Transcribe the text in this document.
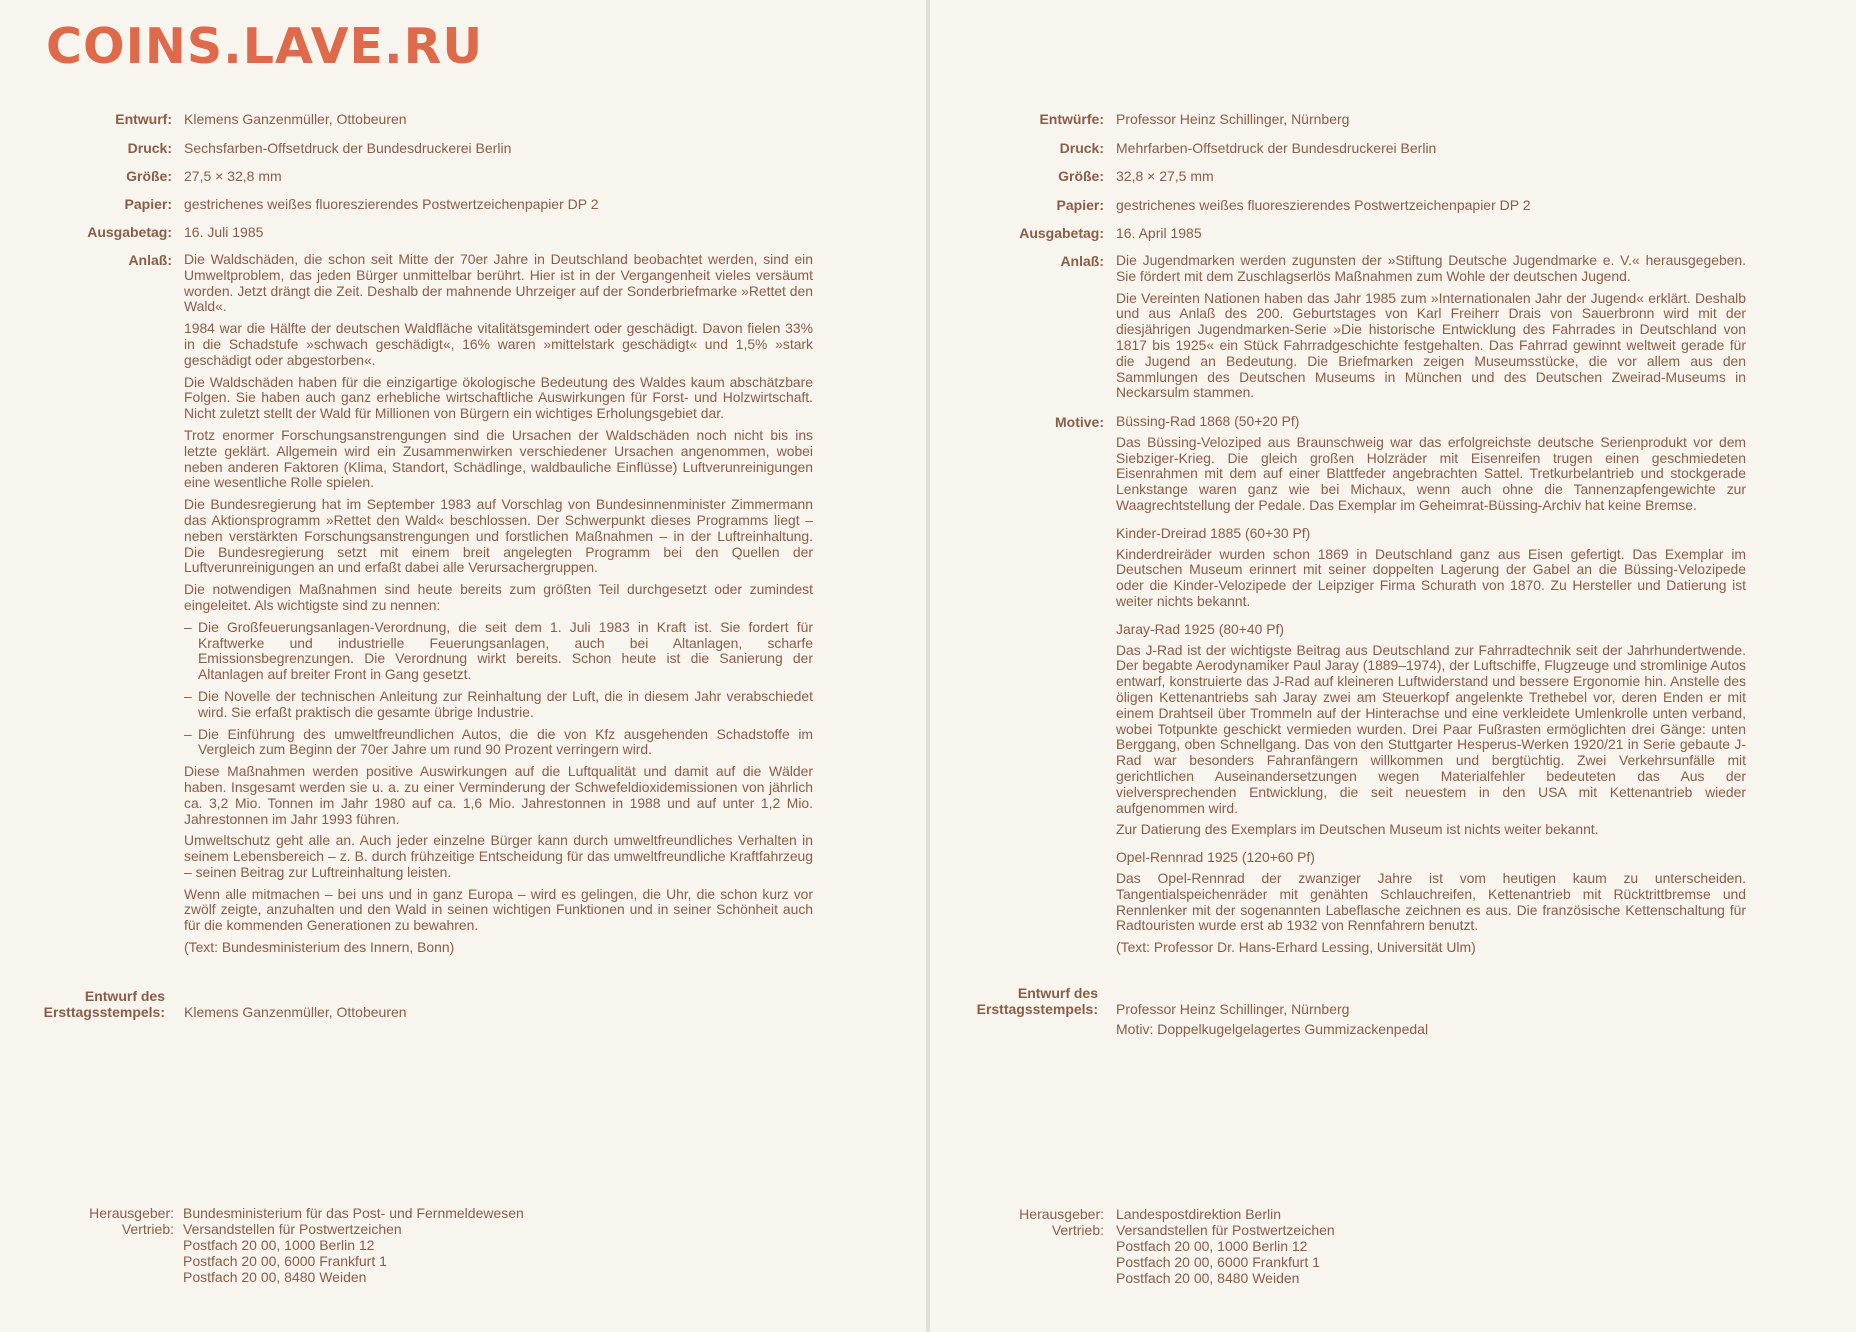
COINS.LAVE.RU
Entwurf: Klemens Ganzenmüller, Ottobeuren
Druck: Sechsfarben-Offsetdruck der Bundesdruckerei Berlin
Größe: 27,5 × 32,8 mm
Papier: gestrichenes weißes fluoreszierendes Postwertzeichenpapier DP 2
Ausgabetag: 16. Juli 1985
Anlaß: Die Waldschäden, die schon seit Mitte der 70er Jahre in Deutschland beobachtet werden, sind ein Umweltproblem, das jeden Bürger unmittelbar berührt. Hier ist in der Vergangenheit vieles versäumt worden. Jetzt drängt die Zeit. Deshalb der mahnende Uhrzeiger auf der Sonderbriefmarke »Rettet den Wald«.

1984 war die Hälfte der deutschen Waldfläche vitalitätsgemindert oder geschädigt. Davon fielen 33% in die Schadstufe »schwach geschädigt«, 16% waren »mittelstark geschädigt« und 1,5% »stark geschädigt oder abgestorben«.

Die Waldschäden haben für die einzigartige ökologische Bedeutung des Waldes kaum abschätzbare Folgen. Sie haben auch ganz erhebliche wirtschaftliche Auswirkungen für Forst- und Holzwirtschaft. Nicht zuletzt stellt der Wald für Millionen von Bürgern ein wichtiges Erholungsgebiet dar.

Trotz enormer Forschungsanstrengungen sind die Ursachen der Waldschäden noch nicht bis ins letzte geklärt. Allgemein wird ein Zusammenwirken verschiedener Ursachen angenommen, wobei neben anderen Faktoren (Klima, Standort, Schädlinge, waldbauliche Einflüsse) Luftverunreinigungen eine wesentliche Rolle spielen.

Die Bundesregierung hat im September 1983 auf Vorschlag von Bundesinnenminister Zimmermann das Aktionsprogramm »Rettet den Wald« beschlossen. Der Schwerpunkt dieses Programms liegt – neben verstärkten Forschungsanstrengungen und forstlichen Maßnahmen – in der Luftreinhaltung. Die Bundesregierung setzt mit einem breit angelegten Programm bei den Quellen der Luftverunreinigungen an und erfaßt dabei alle Verursachergruppen.

Die notwendigen Maßnahmen sind heute bereits zum größten Teil durchgesetzt oder zumindest eingeleitet. Als wichtigste sind zu nennen:

– Die Großfeuerungsanlagen-Verordnung, die seit dem 1. Juli 1983 in Kraft ist. Sie fordert für Kraftwerke und industrielle Feuerungsanlagen, auch bei Altanlagen, scharfe Emissionsbegrenzungen. Die Verordnung wirkt bereits. Schon heute ist die Sanierung der Altanlagen auf breiter Front in Gang gesetzt.
– Die Novelle der technischen Anleitung zur Reinhaltung der Luft, die in diesem Jahr verabschiedet wird. Sie erfaßt praktisch die gesamte übrige Industrie.
– Die Einführung des umweltfreundlichen Autos, die die von Kfz ausgehenden Schadstoffe im Vergleich zum Beginn der 70er Jahre um rund 90 Prozent verringern wird.

Diese Maßnahmen werden positive Auswirkungen auf die Luftqualität und damit auf die Wälder haben. Insgesamt werden sie u. a. zu einer Verminderung der Schwefeldioxidemissionen von jährlich ca. 3,2 Mio. Tonnen im Jahr 1980 auf ca. 1,6 Mio. Jahrestonnen in 1988 und auf unter 1,2 Mio. Jahrestonnen im Jahr 1993 führen.

Umweltschutz geht alle an. Auch jeder einzelne Bürger kann durch umweltfreundliches Verhalten in seinem Lebensbereich – z. B. durch frühzeitige Entscheidung für das umweltfreundliche Kraftfahrzeug – seinen Beitrag zur Luftreinhaltung leisten.

Wenn alle mitmachen – bei uns und in ganz Europa – wird es gelingen, die Uhr, die schon kurz vor zwölf zeigte, anzuhalten und den Wald in seinen wichtigen Funktionen und in seiner Schönheit auch für die kommenden Generationen zu bewahren.

(Text: Bundesministerium des Innern, Bonn)

Entwurf des
Ersttagsstempels: Klemens Ganzenmüller, Ottobeuren
Herausgeber: Bundesministerium für das Post- und Fernmeldewesen
Vertrieb: Versandstellen für Postwertzeichen
Postfach 20 00, 1000 Berlin 12
Postfach 20 00, 6000 Frankfurt 1
Postfach 20 00, 8480 Weiden
Entwürfe: Professor Heinz Schillinger, Nürnberg
Druck: Mehrfarben-Offsetdruck der Bundesdruckerei Berlin
Größe: 32,8 × 27,5 mm
Papier: gestrichenes weißes fluoreszierendes Postwertzeichenpapier DP 2
Ausgabetag: 16. April 1985
Anlaß: Die Jugendmarken werden zugunsten der »Stiftung Deutsche Jugendmarke e. V.« herausgegeben. Sie fördert mit dem Zuschlagserlös Maßnahmen zum Wohle der deutschen Jugend.

Die Vereinten Nationen haben das Jahr 1985 zum »Internationalen Jahr der Jugend« erklärt. Deshalb und aus Anlaß des 200. Geburtstages von Karl Freiherr Drais von Sauerbronn wird mit der diesjährigen Jugendmarken-Serie »Die historische Entwicklung des Fahrrades in Deutschland von 1817 bis 1925« ein Stück Fahrradgeschichte festgehalten. Das Fahrrad gewinnt weltweit gerade für die Jugend an Bedeutung. Die Briefmarken zeigen Museumsstücke, die vor allem aus den Sammlungen des Deutschen Museums in München und des Deutschen Zweirad-Museums in Neckarsulm stammen.

Motive: Büssing-Rad 1868 (50+20 Pf)

Das Büssing-Veloziped aus Braunschweig war das erfolgreichste deutsche Serienprodukt vor dem Siebziger-Krieg. Die gleich großen Holzräder mit Eisenreifen trugen einen geschmiedeten Eisenrahmen mit dem auf einer Blattfeder angebrachten Sattel. Tretkurbelantrieb und stockgerade Lenkstange waren ganz wie bei Michaux, wenn auch ohne die Tannenzapfengewichte zur Waagrechtstellung der Pedale. Das Exemplar im Geheimrat-Büssing-Archiv hat keine Bremse.

Kinder-Dreirad 1885 (60+30 Pf)

Kinderdreiräder wurden schon 1869 in Deutschland ganz aus Eisen gefertigt. Das Exemplar im Deutschen Museum erinnert mit seiner doppelten Lagerung der Gabel an die Büssing-Velozipede oder die Kinder-Velozipede der Leipziger Firma Schurath von 1870. Zu Hersteller und Datierung ist weiter nichts bekannt.

Jaray-Rad 1925 (80+40 Pf)

Das J-Rad ist der wichtigste Beitrag aus Deutschland zur Fahrradtechnik seit der Jahrhundertwende. Der begabte Aerodynamiker Paul Jaray (1889–1974), der Luftschiffe, Flugzeuge und stromlinige Autos entwarf, konstruierte das J-Rad auf kleineren Luftwiderstand und bessere Ergonomie hin. Anstelle des öligen Kettenantriebs sah Jaray zwei am Steuerkopf angelenkte Trethebel vor, deren Enden er mit einem Drahtseil über Trommeln auf der Hinterachse und eine verkleidete Umlenkrolle unten verband, wobei Totpunkte geschickt vermieden wurden. Drei Paar Fußrasten ermöglichten drei Gänge: unten Berggang, oben Schnellgang. Das von den Stuttgarter Hesperus-Werken 1920/21 in Serie gebaute J-Rad war besonders Fahranfängern willkommen und bergtüchtig. Zwei Verkehrsunfälle mit gerichtlichen Auseinandersetzungen wegen Materialfehler bedeuteten das Aus der vielversprechenden Entwicklung, die seit neuestem in den USA mit Kettenantrieb wieder aufgenommen wird.

Zur Datierung des Exemplars im Deutschen Museum ist nichts weiter bekannt.

Opel-Rennrad 1925 (120+60 Pf)

Das Opel-Rennrad der zwanziger Jahre ist vom heutigen kaum zu unterscheiden. Tangentialspeichenräder mit genähten Schlauchreifen, Kettenantrieb mit Rücktrittbremse und Rennlenker mit der sogenannten Labeflasche zeichnen es aus. Die französische Kettenschaltung für Radtouristen wurde erst ab 1932 von Rennfahrern benutzt.

(Text: Professor Dr. Hans-Erhard Lessing, Universität Ulm)

Entwurf des
Ersttagsstempels: Professor Heinz Schillinger, Nürnberg
Motiv: Doppelkugelgelagertes Gummizackenpedal
Herausgeber: Landespostdirektion Berlin
Vertrieb: Versandstellen für Postwertzeichen
Postfach 20 00, 1000 Berlin 12
Postfach 20 00, 6000 Frankfurt 1
Postfach 20 00, 8480 Weiden
